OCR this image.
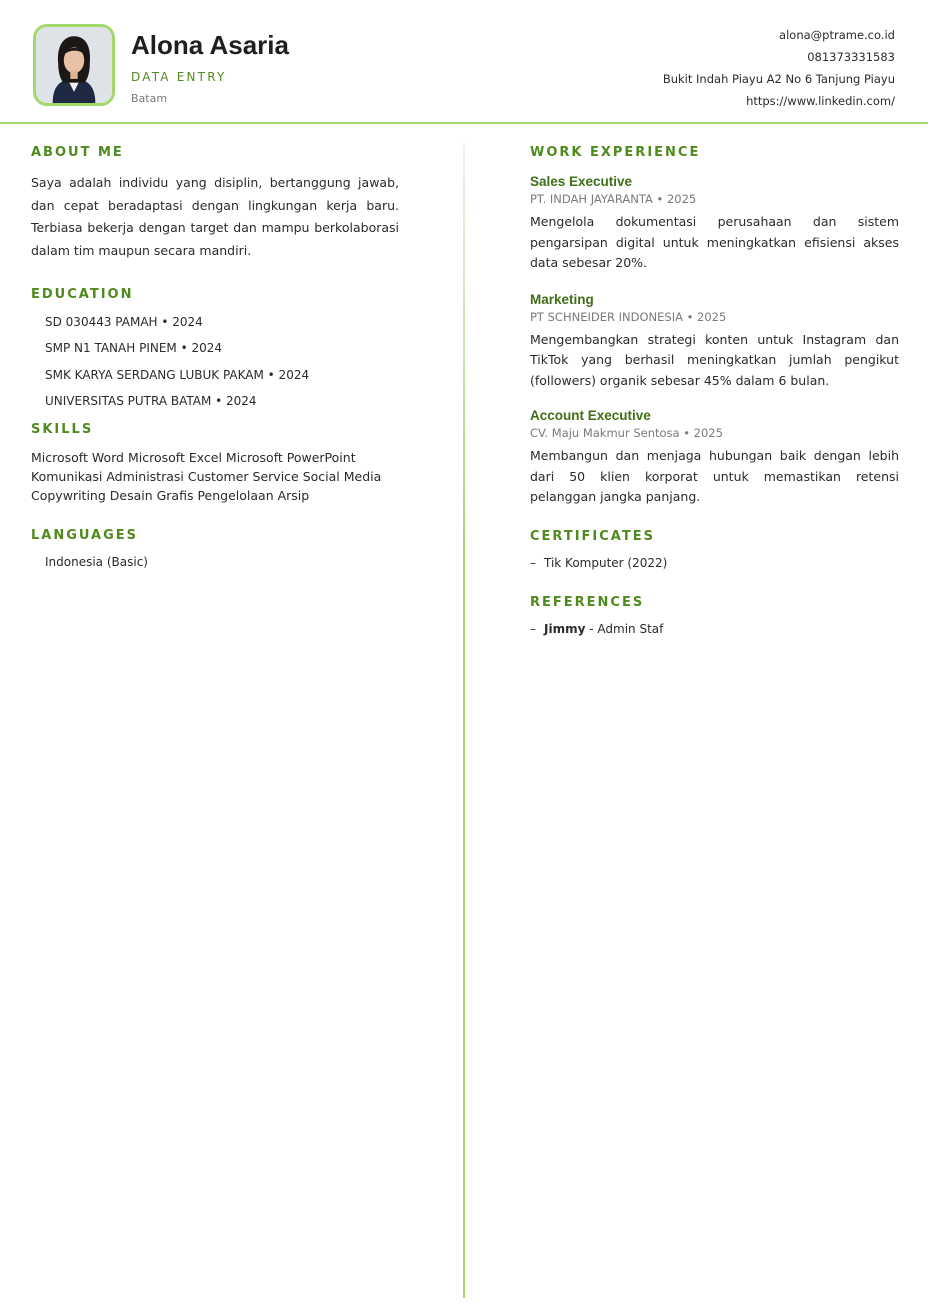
Alona Asaria
DATA ENTRY
Batam
alona@ptrame.co.id
081373331583
Bukit Indah Piayu A2 No 6 Tanjung Piayu
https://www.linkedin.com/
ABOUT ME
Saya adalah individu yang disiplin, bertanggung jawab, dan cepat beradaptasi dengan lingkungan kerja baru. Terbiasa bekerja dengan target dan mampu berkolaborasi dalam tim maupun secara mandiri.
EDUCATION
SD 030443 PAMAH • 2024
SMP N1 TANAH PINEM • 2024
SMK KARYA SERDANG LUBUK PAKAM • 2024
UNIVERSITAS PUTRA BATAM • 2024
SKILLS
Microsoft Word Microsoft Excel Microsoft PowerPoint
Komunikasi Administrasi Customer Service Social Media
Copywriting Desain Grafis Pengelolaan Arsip
LANGUAGES
Indonesia (Basic)
WORK EXPERIENCE
Sales Executive
PT. INDAH JAYARANTA • 2025
Mengelola dokumentasi perusahaan dan sistem pengarsipan digital untuk meningkatkan efisiensi akses data sebesar 20%.
Marketing
PT SCHNEIDER INDONESIA • 2025
Mengembangkan strategi konten untuk Instagram dan TikTok yang berhasil meningkatkan jumlah pengikut (followers) organik sebesar 45% dalam 6 bulan.
Account Executive
CV. Maju Makmur Sentosa • 2025
Membangun dan menjaga hubungan baik dengan lebih dari 50 klien korporat untuk memastikan retensi pelanggan jangka panjang.
CERTIFICATES
– Tik Komputer (2022)
REFERENCES
– Jimmy - Admin Staf
